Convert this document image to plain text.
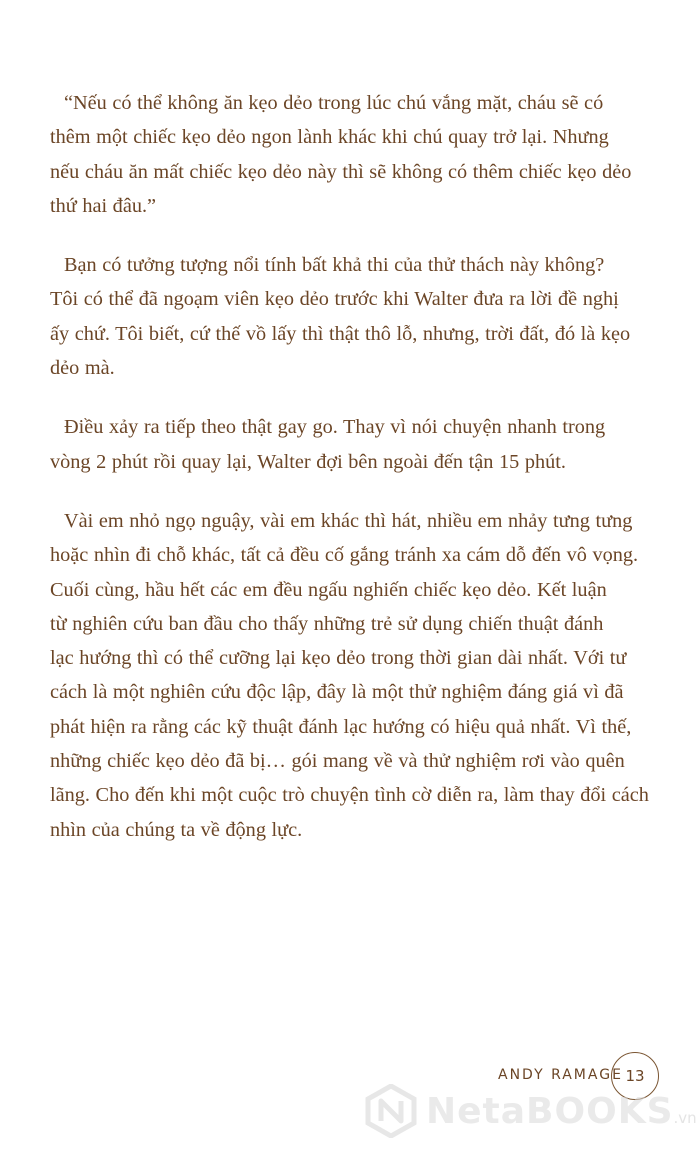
“Nếu có thể không ăn kẹo dẻo trong lúc chú vắng mặt, cháu sẽ có
thêm một chiếc kẹo dẻo ngon lành khác khi chú quay trở lại. Nhưng
nếu cháu ăn mất chiếc kẹo dẻo này thì sẽ không có thêm chiếc kẹo dẻo
thứ hai đâu.”

Bạn có tưởng tượng nổi tính bất khả thi của thử thách này không?
Tôi có thể đã ngoạm viên kẹo dẻo trước khi Walter đưa ra lời đề nghị
ấy chứ. Tôi biết, cứ thế vồ lấy thì thật thô lỗ, nhưng, trời đất, đó là kẹo
dẻo mà.

Điều xảy ra tiếp theo thật gay go. Thay vì nói chuyện nhanh trong
vòng 2 phút rồi quay lại, Walter đợi bên ngoài đến tận 15 phút.

Vài em nhỏ ngọ nguậy, vài em khác thì hát, nhiều em nhảy tưng tưng
hoặc nhìn đi chỗ khác, tất cả đều cố gắng tránh xa cám dỗ đến vô vọng.
Cuối cùng, hầu hết các em đều ngấu nghiến chiếc kẹo dẻo. Kết luận
từ nghiên cứu ban đầu cho thấy những trẻ sử dụng chiến thuật đánh
lạc hướng thì có thể cưỡng lại kẹo dẻo trong thời gian dài nhất. Với tư
cách là một nghiên cứu độc lập, đây là một thử nghiệm đáng giá vì đã
phát hiện ra rằng các kỹ thuật đánh lạc hướng có hiệu quả nhất. Vì thế,
những chiếc kẹo dẻo đã bị… gói mang về và thử nghiệm rơi vào quên
lãng. Cho đến khi một cuộc trò chuyện tình cờ diễn ra, làm thay đổi cách
nhìn của chúng ta về động lực.

ANDY RAMAGE 13
NetaBOOKS.vn
